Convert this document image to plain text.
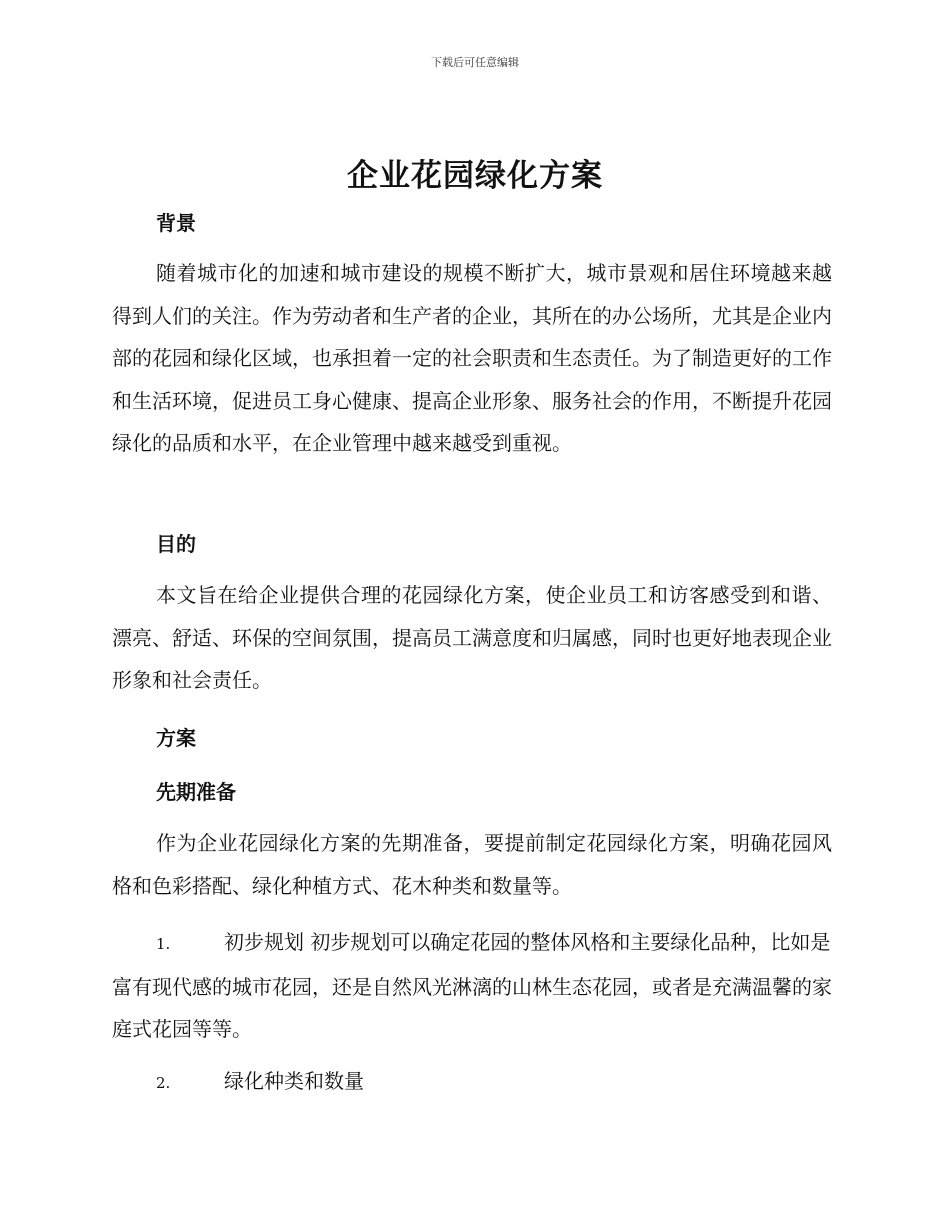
下载后可任意编辑
企业花园绿化方案
背景

随着城市化的加速和城市建设的规模不断扩大，城市景观和居住环境越来越得到人们的关注。作为劳动者和生产者的企业，其所在的办公场所，尤其是企业内部的花园和绿化区域，也承担着一定的社会职责和生态责任。为了制造更好的工作和生活环境，促进员工身心健康、提高企业形象、服务社会的作用，不断提升花园绿化的品质和水平，在企业管理中越来越受到重视。

目的

本文旨在给企业提供合理的花园绿化方案，使企业员工和访客感受到和谐、漂亮、舒适、环保的空间氛围，提高员工满意度和归属感，同时也更好地表现企业形象和社会责任。

方案
先期准备

作为企业花园绿化方案的先期准备，要提前制定花园绿化方案，明确花园风格和色彩搭配、绿化种植方式、花木种类和数量等。

1.	初步规划 初步规划可以确定花园的整体风格和主要绿化品种，比如是富有现代感的城市花园，还是自然风光淋漓的山林生态花园，或者是充满温馨的家庭式花园等等。
2.	绿化种类和数量
